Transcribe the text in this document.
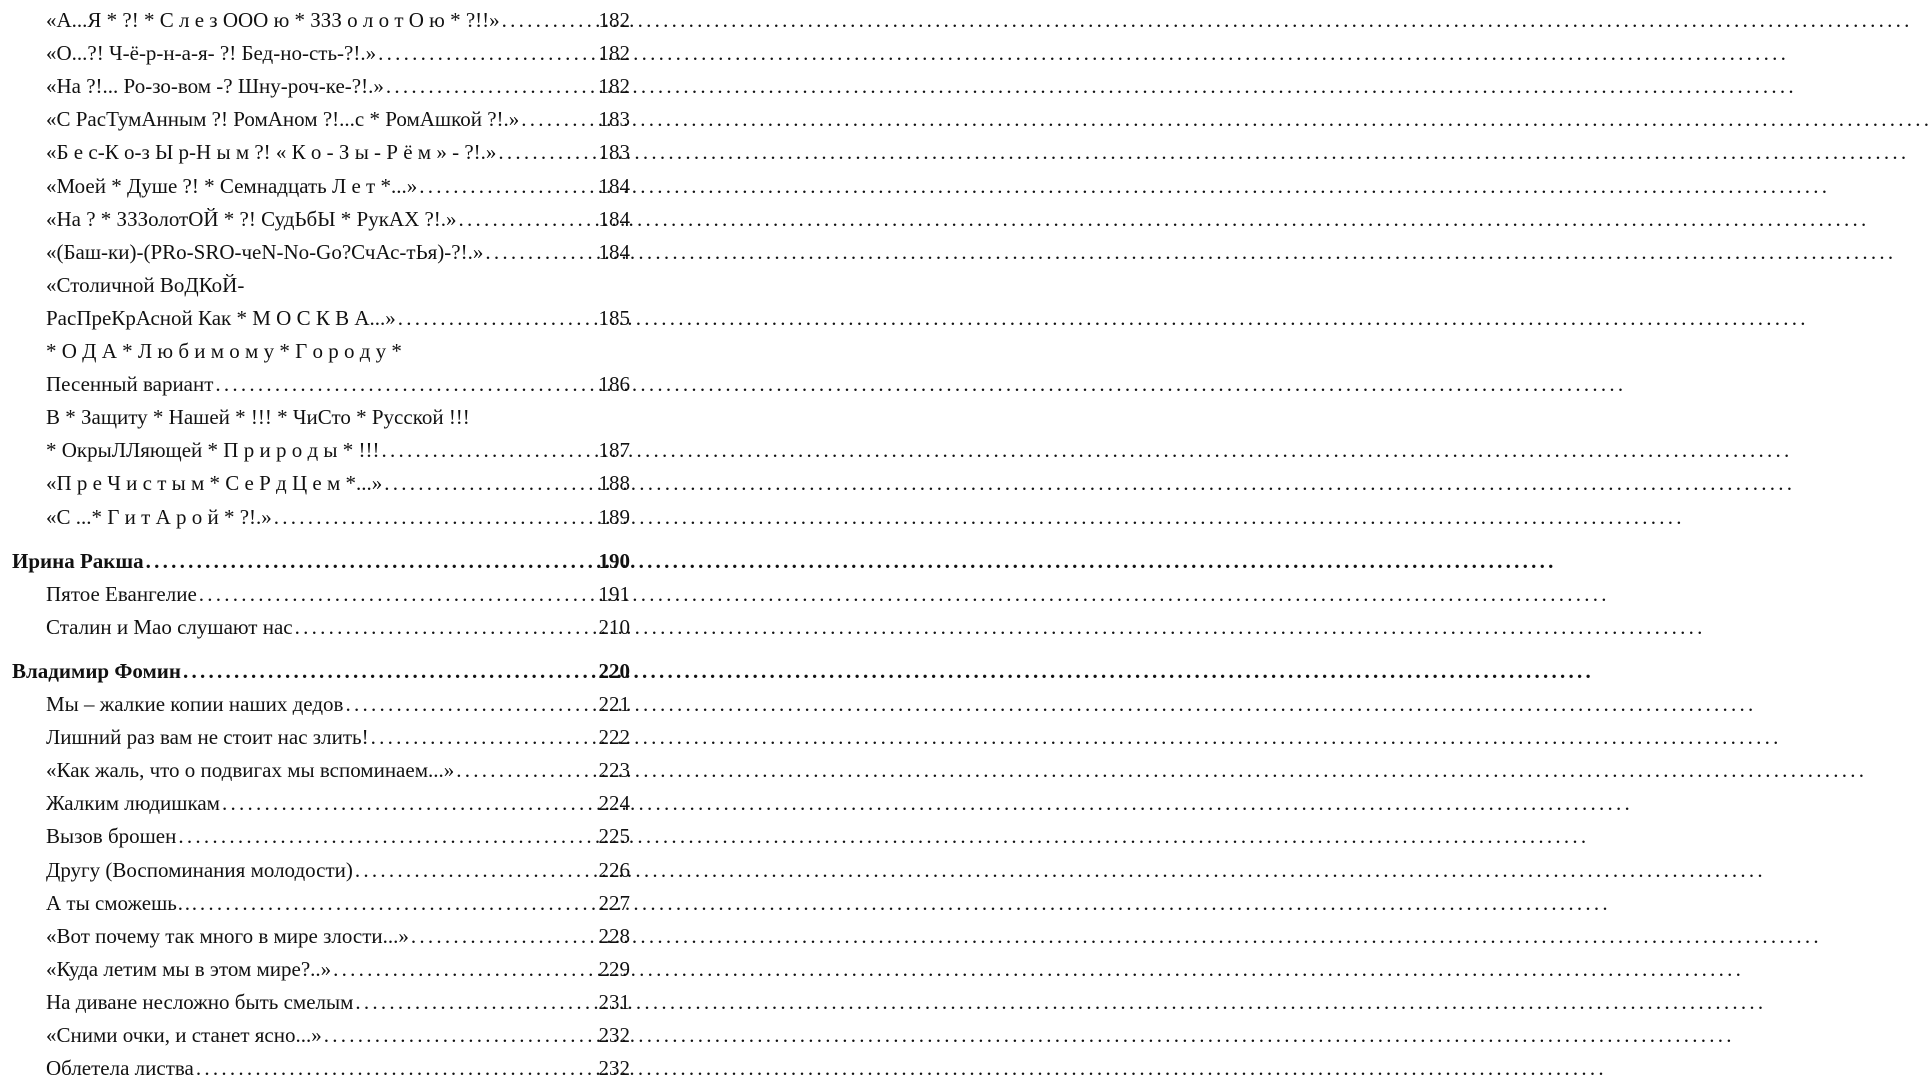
«А...Я * ?! * С л е з ООО ю * ЗЗЗ о л о т О ю * ?!!» . . .	182
«О...?! Ч-ё-р-н-а-я- ?! Бед-но-сть-?!.» . . .	182
«На ?!... Ро-зо-вом -? Шну-роч-ке-?!.» . . .	182
«С РасТумАнным ?! РомАном ?!...с * РомАшкой ?!.» . . .	183
«Б е с-К о-з Ы р-Н ы м ?! « К о - З ы - Р ё м » - ?!.» . . .	183
«Моей * Душе ?! * Семнадцать Л е т *...» . . .	184
«На ? * ЗЗЗолотОЙ * ?! СудЬбЫ * РукАХ ?!.» . . .	184
«(Баш-ки)-(PRo-SRO-чеN-No-Go?СчАс-тЬя)-?!.» . . .	184
«Столичной ВоДКоЙ-
РасПреКрАсной Как * М О С К В А...» . . .	185
* О Д А * Л ю б и м о м у * Г о р о д у *
Песенный вариант . . .	186
В * Защиту * Нашей * !!! * ЧиСто * Русской !!!
* ОкрыЛЛяющей * П р и р о д ы * !!! . . .	187
«П р е Ч и с т ы м * С е Р д Ц е м *...» . . .	188
«С ...* Г и т А р о й * ?!.» . . .	189
Ирина Ракша . . .	190
Пятое Евангелие . . .	191
Сталин и Мао слушают нас . . .	210
Владимир Фомин . . .	220
Мы – жалкие копии наших дедов . . .	221
Лишний раз вам не стоит нас злить! . . .	222
«Как жаль, что о подвигах мы вспоминаем...» . . .	223
Жалким людишкам . . .	224
Вызов брошен . . .	225
Другу (Воспоминания молодости) . . .	226
А ты сможешь… . . .	227
«Вот почему так много в мире злости...» . . .	228
«Куда летим мы в этом мире?..» . . .	229
На диване несложно быть смелым . . .	231
«Сними очки, и станет ясно...» . . .	232
Облетела листва . . .	232
